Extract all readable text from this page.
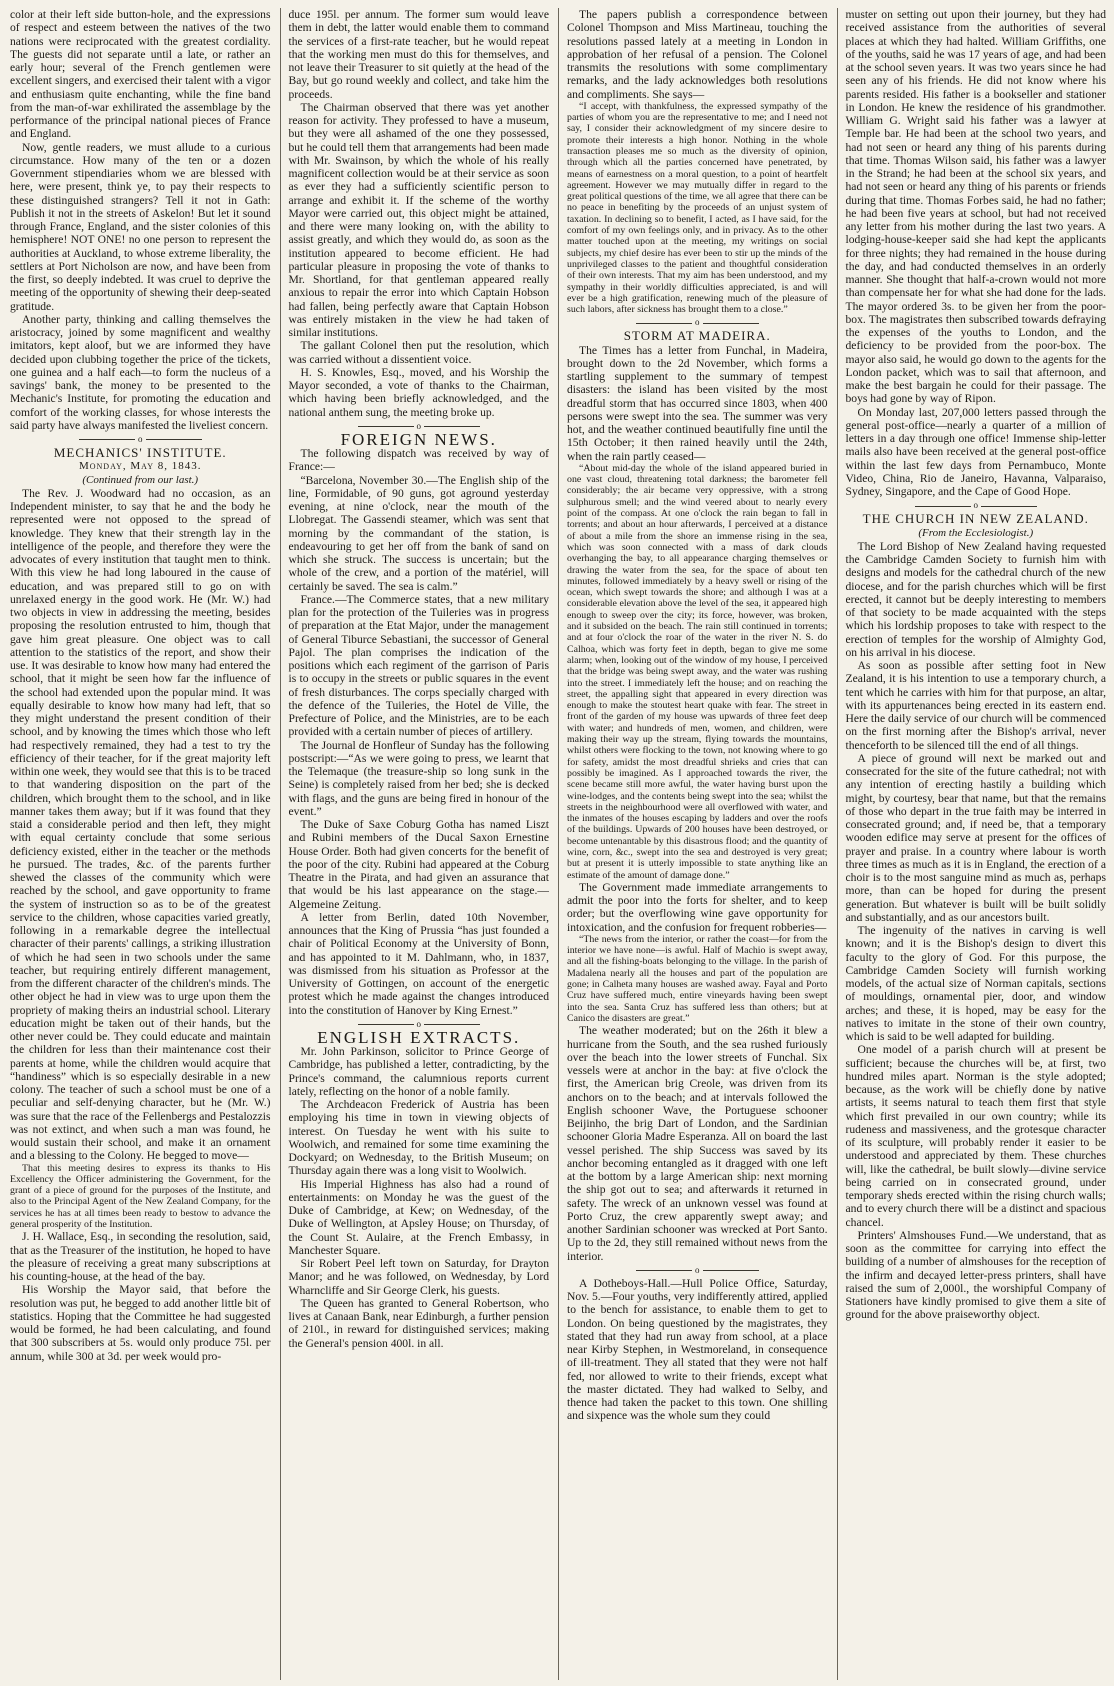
color at their left side button-hole, and the expressions of respect and esteem between the natives of the two nations were reciprocated with the greatest cordiality. The guests did not separate until a late, or rather an early hour; several of the French gentlemen were excellent singers, and exercised their talent with a vigor and enthusiasm quite enchanting, while the fine band from the man-of-war exhilirated the assemblage by the performance of the principal national pieces of France and England.

Now, gentle readers, we must allude to a curious circumstance. How many of the ten or a dozen Government stipendiaries whom we are blessed with here, were present, think ye, to pay their respects to these distinguished strangers? Tell it not in Gath: Publish it not in the streets of Askelon! But let it sound through France, England, and the sister colonies of this hemisphere! NOT ONE! no one person to represent the authorities at Auckland, to whose extreme liberality, the settlers at Port Nicholson are now, and have been from the first, so deeply indebted. It was cruel to deprive the meeting of the opportunity of shewing their deep-seated gratitude.

Another party, thinking and calling themselves the aristocracy, joined by some magnificent and wealthy imitators, kept aloof, but we are informed they have decided upon clubbing together the price of the tickets, one guinea and a half each—to form the nucleus of a savings' bank, the money to be presented to the Mechanic's Institute, for promoting the education and comfort of the working classes, for whose interests the said party have always manifested the liveliest concern.

o
MECHANICS' INSTITUTE.

Monday, May 8, 1843.

(Continued from our last.)

The Rev. J. Woodward had no occasion, as an Independent minister, to say that he and the body he represented were not opposed to the spread of knowledge. They knew that their strength lay in the intelligence of the people, and therefore they were the advocates of every institution that taught men to think. With this view he had long laboured in the cause of education, and was prepared still to go on with unrelaxed energy in the good work. He (Mr. W.) had two objects in view in addressing the meeting, besides proposing the resolution entrusted to him, though that gave him great pleasure. One object was to call attention to the statistics of the report, and show their use. It was desirable to know how many had entered the school, that it might be seen how far the influence of the school had extended upon the popular mind. It was equally desirable to know how many had left, that so they might understand the present condition of their school, and by knowing the times which those who left had respectively remained, they had a test to try the efficiency of their teacher, for if the great majority left within one week, they would see that this is to be traced to that wandering disposition on the part of the children, which brought them to the school, and in like manner takes them away; but if it was found that they staid a considerable period and then left, they might with equal certainty conclude that some serious deficiency existed, either in the teacher or the methods he pursued. The trades, &c. of the parents further shewed the classes of the community which were reached by the school, and gave opportunity to frame the system of instruction so as to be of the greatest service to the children, whose capacities varied greatly, following in a remarkable degree the intellectual character of their parents' callings, a striking illustration of which he had seen in two schools under the same teacher, but requiring entirely different management, from the different character of the children's minds. The other object he had in view was to urge upon them the propriety of making theirs an industrial school. Literary education might be taken out of their hands, but the other never could be. They could educate and maintain the children for less than their maintenance cost their parents at home, while the children would acquire that “handiness” which is so especially desirable in a new colony. The teacher of such a school must be one of a peculiar and self-denying character, but he (Mr. W.) was sure that the race of the Fellenbergs and Pestalozzis was not extinct, and when such a man was found, he would sustain their school, and make it an ornament and a blessing to the Colony. He begged to move—

That this meeting desires to express its thanks to His Excellency the Officer administering the Government, for the grant of a piece of ground for the purposes of the Institute, and also to the Principal Agent of the New Zealand Company, for the services he has at all times been ready to bestow to advance the general prosperity of the Institution.

J. H. Wallace, Esq., in seconding the resolution, said, that as the Treasurer of the institution, he hoped to have the pleasure of receiving a great many subscriptions at his counting-house, at the head of the bay.

His Worship the Mayor said, that before the resolution was put, he begged to add another little bit of statistics. Hoping that the Committee he had suggested would be formed, he had been calculating, and found that 300 subscribers at 5s. would only produce 75l. per annum, while 300 at 3d. per week would pro-

duce 195l. per annum. The former sum would leave them in debt, the latter would enable them to command the services of a first-rate teacher, but he would repeat that the working men must do this for themselves, and not leave their Treasurer to sit quietly at the head of the Bay, but go round weekly and collect, and take him the proceeds.

The Chairman observed that there was yet another reason for activity. They professed to have a museum, but they were all ashamed of the one they possessed, but he could tell them that arrangements had been made with Mr. Swainson, by which the whole of his really magnificent collection would be at their service as soon as ever they had a sufficiently scientific person to arrange and exhibit it. If the scheme of the worthy Mayor were carried out, this object might be attained, and there were many looking on, with the ability to assist greatly, and which they would do, as soon as the institution appeared to become efficient. He had particular pleasure in proposing the vote of thanks to Mr. Shortland, for that gentleman appeared really anxious to repair the error into which Captain Hobson had fallen, being perfectly aware that Captain Hobson was entirely mistaken in the view he had taken of similar institutions.

The gallant Colonel then put the resolution, which was carried without a dissentient voice.

H. S. Knowles, Esq., moved, and his Worship the Mayor seconded, a vote of thanks to the Chairman, which having been briefly acknowledged, and the national anthem sung, the meeting broke up.

o
FOREIGN NEWS.

The following dispatch was received by way of France:—

“Barcelona, November 30.—The English ship of the line, Formidable, of 90 guns, got aground yesterday evening, at nine o'clock, near the mouth of the Llobregat. The Gassendi steamer, which was sent that morning by the commandant of the station, is endeavouring to get her off from the bank of sand on which she struck. The success is uncertain; but the whole of the crew, and a portion of the matériel, will certainly be saved. The sea is calm.”

France.—The Commerce states, that a new military plan for the protection of the Tuileries was in progress of preparation at the Etat Major, under the management of General Tiburce Sebastiani, the successor of General Pajol. The plan comprises the indication of the positions which each regiment of the garrison of Paris is to occupy in the streets or public squares in the event of fresh disturbances. The corps specially charged with the defence of the Tuileries, the Hotel de Ville, the Prefecture of Police, and the Ministries, are to be each provided with a certain number of pieces of artillery.

The Journal de Honfleur of Sunday has the following postscript:—“As we were going to press, we learnt that the Telemaque (the treasure-ship so long sunk in the Seine) is completely raised from her bed; she is decked with flags, and the guns are being fired in honour of the event.”

The Duke of Saxe Coburg Gotha has named Liszt and Rubini members of the Ducal Saxon Ernestine House Order. Both had given concerts for the benefit of the poor of the city. Rubini had appeared at the Coburg Theatre in the Pirata, and had given an assurance that that would be his last appearance on the stage.—Algemeine Zeitung.

A letter from Berlin, dated 10th November, announces that the King of Prussia “has just founded a chair of Political Economy at the University of Bonn, and has appointed to it M. Dahlmann, who, in 1837, was dismissed from his situation as Professor at the University of Gottingen, on account of the energetic protest which he made against the changes introduced into the constitution of Hanover by King Ernest.”

o
ENGLISH EXTRACTS.

Mr. John Parkinson, solicitor to Prince George of Cambridge, has published a letter, contradicting, by the Prince's command, the calumnious reports current lately, reflecting on the honor of a noble family.

The Archdeacon Frederick of Austria has been employing his time in town in viewing objects of interest. On Tuesday he went with his suite to Woolwich, and remained for some time examining the Dockyard; on Wednesday, to the British Museum; on Thursday again there was a long visit to Woolwich.

His Imperial Highness has also had a round of entertainments: on Monday he was the guest of the Duke of Cambridge, at Kew; on Wednesday, of the Duke of Wellington, at Apsley House; on Thursday, of the Count St. Aulaire, at the French Embassy, in Manchester Square.

Sir Robert Peel left town on Saturday, for Drayton Manor; and he was followed, on Wednesday, by Lord Wharncliffe and Sir George Clerk, his guests.

The Queen has granted to General Robertson, who lives at Canaan Bank, near Edinburgh, a further pension of 210l., in reward for distinguished services; making the General's pension 400l. in all.

The papers publish a correspondence between Colonel Thompson and Miss Martineau, touching the resolutions passed lately at a meeting in London in approbation of her refusal of a pension. The Colonel transmits the resolutions with some complimentary remarks, and the lady acknowledges both resolutions and compliments. She says—

“I accept, with thankfulness, the expressed sympathy of the parties of whom you are the representative to me; and I need not say, I consider their acknowledgment of my sincere desire to promote their interests a high honor. Nothing in the whole transaction pleases me so much as the diversity of opinion, through which all the parties concerned have penetrated, by means of earnestness on a moral question, to a point of heartfelt agreement. However we may mutually differ in regard to the great political questions of the time, we all agree that there can be no peace in benefiting by the proceeds of an unjust system of taxation. In declining so to benefit, I acted, as I have said, for the comfort of my own feelings only, and in privacy. As to the other matter touched upon at the meeting, my writings on social subjects, my chief desire has ever been to stir up the minds of the unprivileged classes to the patient and thoughtful consideration of their own interests. That my aim has been understood, and my sympathy in their worldly difficulties appreciated, is and will ever be a high gratification, renewing much of the pleasure of such labors, after sickness has brought them to a close.”

o
STORM AT MADEIRA.

The Times has a letter from Funchal, in Madeira, brought down to the 2d November, which forms a startling supplement to the summary of tempest disasters: the island has been visited by the most dreadful storm that has occurred since 1803, when 400 persons were swept into the sea. The summer was very hot, and the weather continued beautifully fine until the 15th October; it then rained heavily until the 24th, when the rain partly ceased—

“About mid-day the whole of the island appeared buried in one vast cloud, threatening total darkness; the barometer fell considerably; the air became very oppressive, with a strong sulphurous smell; and the wind veered about to nearly every point of the compass. At one o'clock the rain began to fall in torrents; and about an hour afterwards, I perceived at a distance of about a mile from the shore an immense rising in the sea, which was soon connected with a mass of dark clouds overhanging the bay, to all appearance charging themselves or drawing the water from the sea, for the space of about ten minutes, followed immediately by a heavy swell or rising of the ocean, which swept towards the shore; and although I was at a considerable elevation above the level of the sea, it appeared high enough to sweep over the city; its force, however, was broken, and it subsided on the beach. The rain still continued in torrents; and at four o'clock the roar of the water in the river N. S. do Calhoa, which was forty feet in depth, began to give me some alarm; when, looking out of the window of my house, I perceived that the bridge was being swept away, and the water was rushing into the street. I immediately left the house; and on reaching the street, the appalling sight that appeared in every direction was enough to make the stoutest heart quake with fear. The street in front of the garden of my house was upwards of three feet deep with water; and hundreds of men, women, and children, were making their way up the stream, flying towards the mountains, whilst others were flocking to the town, not knowing where to go for safety, amidst the most dreadful shrieks and cries that can possibly be imagined. As I approached towards the river, the scene became still more awful, the water having burst upon the wine-lodges, and the contents being swept into the sea; whilst the streets in the neighbourhood were all overflowed with water, and the inmates of the houses escaping by ladders and over the roofs of the buildings. Upwards of 200 houses have been destroyed, or become untenantable by this disastrous flood; and the quantity of wine, corn, &c., swept into the sea and destroyed is very great; but at present it is utterly impossible to state anything like an estimate of the amount of damage done.”

The Government made immediate arrangements to admit the poor into the forts for shelter, and to keep order; but the overflowing wine gave opportunity for intoxication, and the confusion for frequent robberies—

“The news from the interior, or rather the coast—for from the interior we have none—is awful. Half of Machio is swept away, and all the fishing-boats belonging to the village. In the parish of Madalena nearly all the houses and part of the population are gone; in Calheta many houses are washed away. Fayal and Porto Cruz have suffered much, entire vineyards having been swept into the sea. Santa Cruz has suffered less than others; but at Canico the disasters are great.”

The weather moderated; but on the 26th it blew a hurricane from the South, and the sea rushed furiously over the beach into the lower streets of Funchal. Six vessels were at anchor in the bay: at five o'clock the first, the American brig Creole, was driven from its anchors on to the beach; and at intervals followed the English schooner Wave, the Portuguese schooner Beijinho, the brig Dart of London, and the Sardinian schooner Gloria Madre Esperanza. All on board the last vessel perished. The ship Success was saved by its anchor becoming entangled as it dragged with one left at the bottom by a large American ship: next morning the ship got out to sea; and afterwards it returned in safety. The wreck of an unknown vessel was found at Porto Cruz, the crew apparently swept away; and another Sardinian schooner was wrecked at Port Santo. Up to the 2d, they still remained without news from the interior.

o

A Dotheboys-Hall.—Hull Police Office, Saturday, Nov. 5.—Four youths, very indifferently attired, applied to the bench for assistance, to enable them to get to London. On being questioned by the magistrates, they stated that they had run away from school, at a place near Kirby Stephen, in Westmoreland, in consequence of ill-treatment. They all stated that they were not half fed, nor allowed to write to their friends, except what the master dictated. They had walked to Selby, and thence had taken the packet to this town. One shilling and sixpence was the whole sum they could

muster on setting out upon their journey, but they had received assistance from the authorities of several places at which they had halted. William Griffiths, one of the youths, said he was 17 years of age, and had been at the school seven years. It was two years since he had seen any of his friends. He did not know where his parents resided. His father is a bookseller and stationer in London. He knew the residence of his grandmother. William G. Wright said his father was a lawyer at Temple bar. He had been at the school two years, and had not seen or heard any thing of his parents during that time. Thomas Wilson said, his father was a lawyer in the Strand; he had been at the school six years, and had not seen or heard any thing of his parents or friends during that time. Thomas Forbes said, he had no father; he had been five years at school, but had not received any letter from his mother during the last two years. A lodging-house-keeper said she had kept the applicants for three nights; they had remained in the house during the day, and had conducted themselves in an orderly manner. She thought that half-a-crown would not more than compensate her for what she had done for the lads. The mayor ordered 3s. to be given her from the poor-box. The magistrates then subscribed towards defraying the expenses of the youths to London, and the deficiency to be provided from the poor-box. The mayor also said, he would go down to the agents for the London packet, which was to sail that afternoon, and make the best bargain he could for their passage. The boys had gone by way of Ripon.

On Monday last, 207,000 letters passed through the general post-office—nearly a quarter of a million of letters in a day through one office! Immense ship-letter mails also have been received at the general post-office within the last few days from Pernambuco, Monte Video, China, Rio de Janeiro, Havanna, Valparaiso, Sydney, Singapore, and the Cape of Good Hope.

o
THE CHURCH IN NEW ZEALAND.

(From the Ecclesiologist.)

The Lord Bishop of New Zealand having requested the Cambridge Camden Society to furnish him with designs and models for the cathedral church of the new diocese, and for the parish churches which will be first erected, it cannot but be deeply interesting to members of that society to be made acquainted with the steps which his lordship proposes to take with respect to the erection of temples for the worship of Almighty God, on his arrival in his diocese.

As soon as possible after setting foot in New Zealand, it is his intention to use a temporary church, a tent which he carries with him for that purpose, an altar, with its appurtenances being erected in its eastern end. Here the daily service of our church will be commenced on the first morning after the Bishop's arrival, never thenceforth to be silenced till the end of all things.

A piece of ground will next be marked out and consecrated for the site of the future cathedral; not with any intention of erecting hastily a building which might, by courtesy, bear that name, but that the remains of those who depart in the true faith may be interred in consecrated ground; and, if need be, that a temporary wooden edifice may serve at present for the offices of prayer and praise. In a country where labour is worth three times as much as it is in England, the erection of a choir is to the most sanguine mind as much as, perhaps more, than can be hoped for during the present generation. But whatever is built will be built solidly and substantially, and as our ancestors built.

The ingenuity of the natives in carving is well known; and it is the Bishop's design to divert this faculty to the glory of God. For this purpose, the Cambridge Camden Society will furnish working models, of the actual size of Norman capitals, sections of mouldings, ornamental pier, door, and window arches; and these, it is hoped, may be easy for the natives to imitate in the stone of their own country, which is said to be well adapted for building.

One model of a parish church will at present be sufficient; because the churches will be, at first, two hundred miles apart. Norman is the style adopted; because, as the work will be chiefly done by native artists, it seems natural to teach them first that style which first prevailed in our own country; while its rudeness and massiveness, and the grotesque character of its sculpture, will probably render it easier to be understood and appreciated by them. These churches will, like the cathedral, be built slowly—divine service being carried on in consecrated ground, under temporary sheds erected within the rising church walls; and to every church there will be a distinct and spacious chancel.

Printers' Almshouses Fund.—We understand, that as soon as the committee for carrying into effect the building of a number of almshouses for the reception of the infirm and decayed letter-press printers, shall have raised the sum of 2,000l., the worshipful Company of Stationers have kindly promised to give them a site of ground for the above praiseworthy object.
